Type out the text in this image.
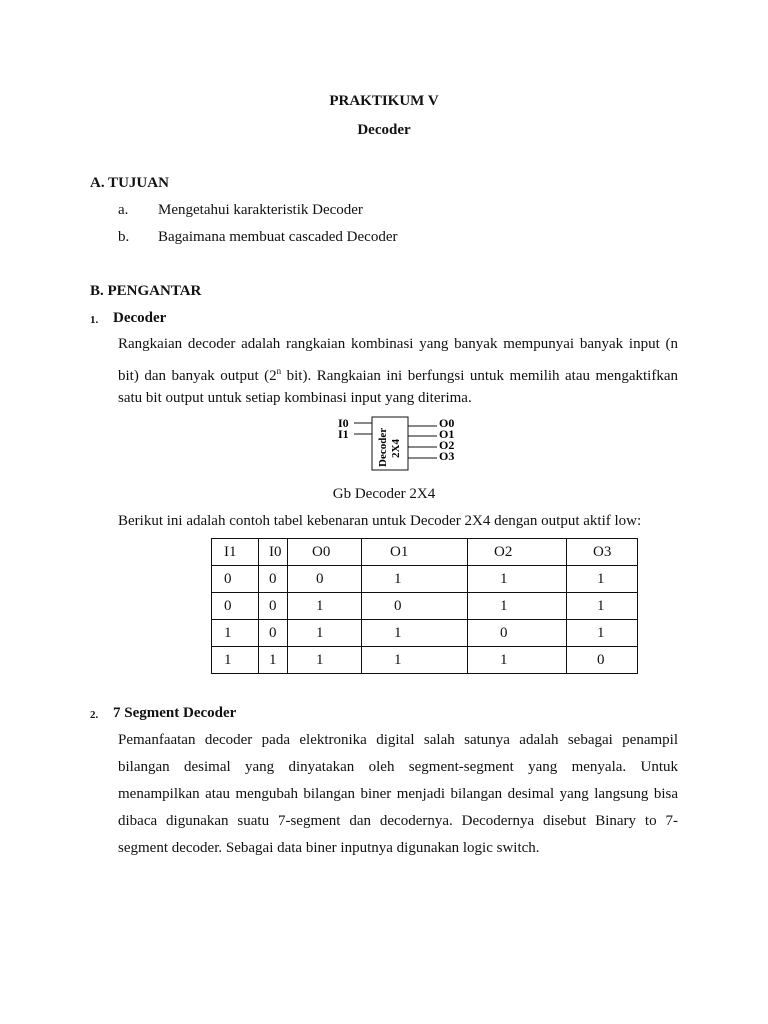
PRAKTIKUM V
Decoder
A. TUJUAN
a. Mengetahui karakteristik Decoder
b. Bagaimana membuat cascaded Decoder
B. PENGANTAR
1. Decoder
Rangkaian decoder adalah rangkaian kombinasi yang banyak mempunyai banyak input (n
bit) dan banyak output (2$^n$ bit). Rangkaian ini berfungsi untuk memilih atau mengaktifkan
satu bit output untuk setiap kombinasi input yang diterima.
I0
I1	Decoder 2X4
O0
O1
O2
O3
Gb Decoder 2X4
Berikut ini adalah contoh tabel kebenaran untuk Decoder 2X4 dengan output aktif low:
I1	I0	O0	O1	O2	O3
0	0	0	1	1	1
0	0	1	0	1	1
1	0	1	1	0	1
1	1	1	1	1	0
2. 7 Segment Decoder
Pemanfaatan decoder pada elektronika digital salah satunya adalah sebagai penampil
bilangan desimal yang dinyatakan oleh segment-segment yang menyala. Untuk
menampilkan atau mengubah bilangan biner menjadi bilangan desimal yang langsung bisa
dibaca digunakan suatu 7-segment dan decodernya. Decodernya disebut Binary to 7-
segment decoder. Sebagai data biner inputnya digunakan logic switch.
